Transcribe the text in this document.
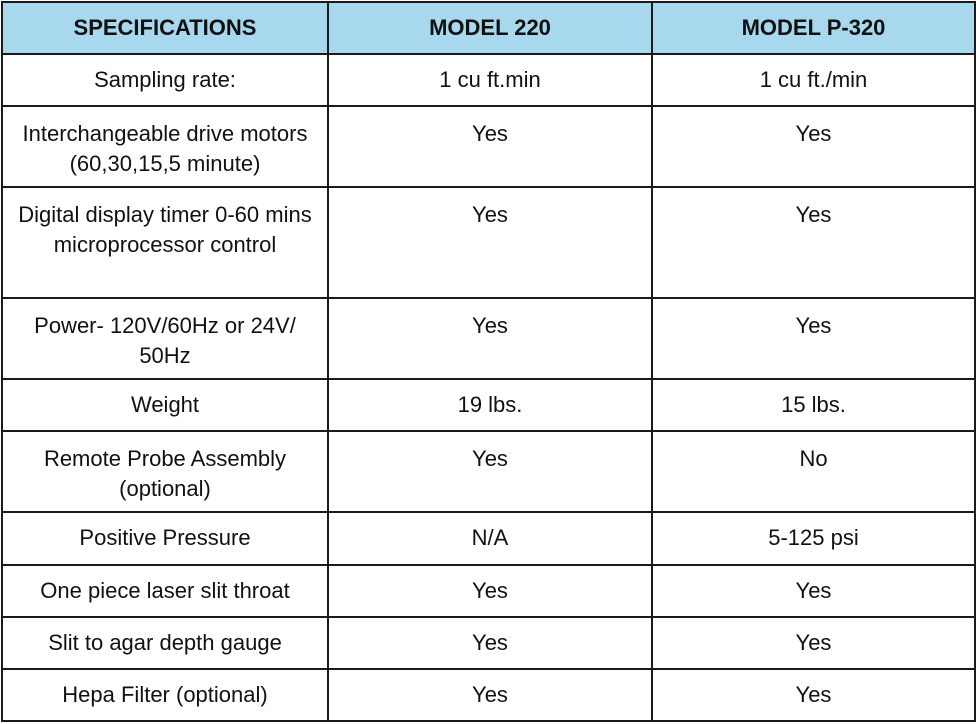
SPECIFICATIONS	MODEL 220	MODEL P-320
Sampling rate:	1 cu ft.min	1 cu ft./min
Interchangeable drive motors (60,30,15,5 minute)	Yes	Yes
Digital display timer 0-60 mins microprocessor control	Yes	Yes
Power- 120V/60Hz or 24V/ 50Hz	Yes	Yes
Weight	19 lbs.	15 lbs.
Remote Probe Assembly (optional)	Yes	No
Positive Pressure	N/A	5-125 psi
One piece laser slit throat	Yes	Yes
Slit to agar depth gauge	Yes	Yes
Hepa Filter (optional)	Yes	Yes
